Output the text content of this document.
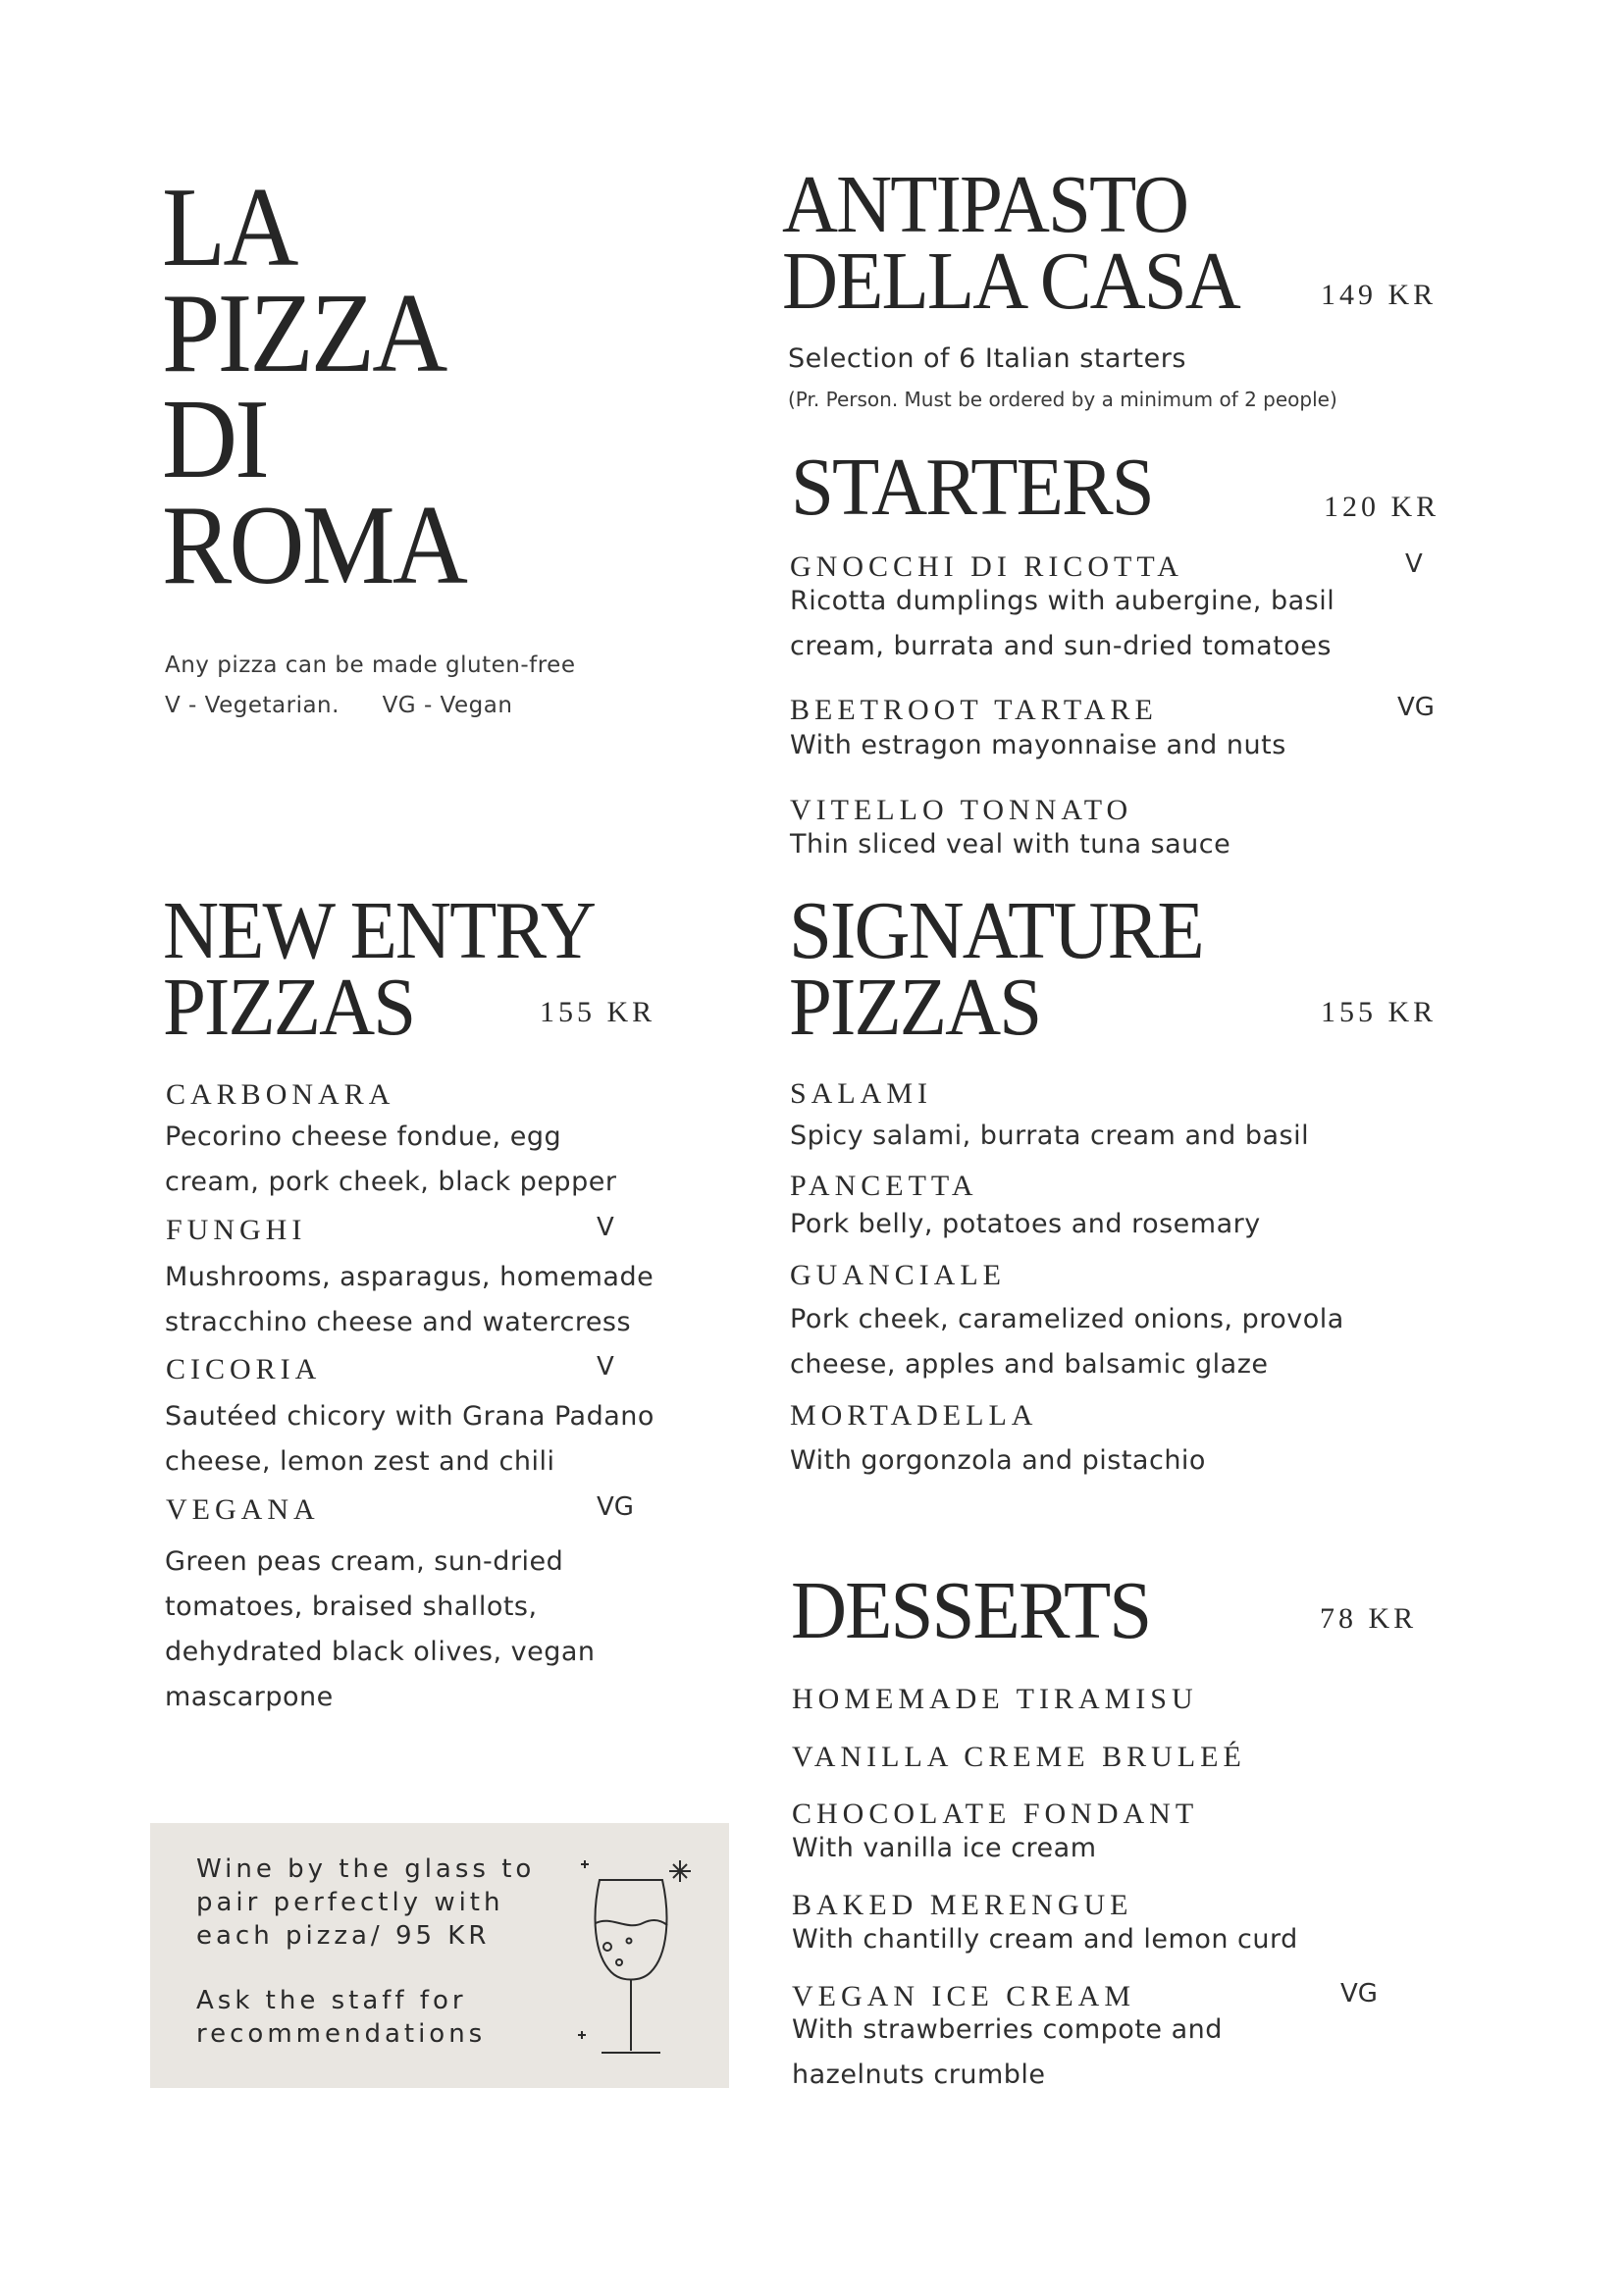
LA
PIZZA
DI
ROMA
Any pizza can be made gluten-free
V - Vegetarian. VG - Vegan
ANTIPASTO
DELLA CASA	149 KR
Selection of 6 Italian starters
(Pr. Person. Must be ordered by a minimum of 2 people)
STARTERS	120 KR
GNOCCHI DI RICOTTA	V
Ricotta dumplings with aubergine, basil
cream, burrata and sun-dried tomatoes
BEETROOT TARTARE	VG
With estragon mayonnaise and nuts
VITELLO TONNATO
Thin sliced veal with tuna sauce
NEW ENTRY
PIZZAS	155 KR
CARBONARA
Pecorino cheese fondue, egg
cream, pork cheek, black pepper
FUNGHI	V
Mushrooms, asparagus, homemade
stracchino cheese and watercress
CICORIA	V
Sautéed chicory with Grana Padano
cheese, lemon zest and chili
VEGANA	VG
Green peas cream, sun-dried
tomatoes, braised shallots,
dehydrated black olives, vegan
mascarpone
SIGNATURE
PIZZAS	155 KR
SALAMI
Spicy salami, burrata cream and basil
PANCETTA
Pork belly, potatoes and rosemary
GUANCIALE
Pork cheek, caramelized onions, provola
cheese, apples and balsamic glaze
MORTADELLA
With gorgonzola and pistachio
DESSERTS	78 KR
HOMEMADE TIRAMISU
VANILLA CREME BRULEÉ
CHOCOLATE FONDANT
With vanilla ice cream
BAKED MERENGUE
With chantilly cream and lemon curd
VEGAN ICE CREAM	VG
With strawberries compote and
hazelnuts crumble
Wine by the glass to
pair perfectly with
each pizza/ 95 KR
Ask the staff for
recommendations
